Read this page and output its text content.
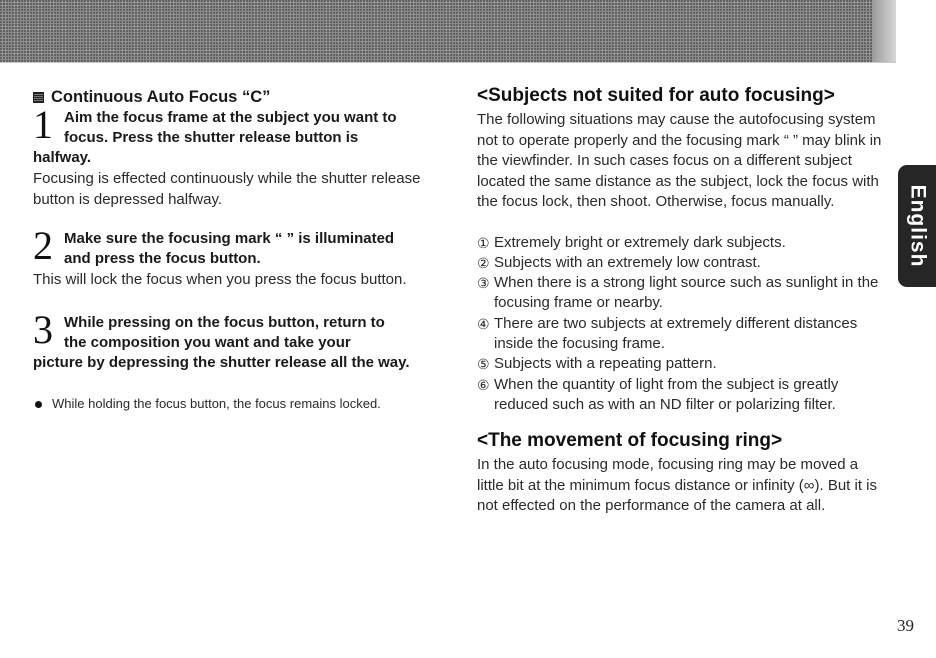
Continuous Auto Focus “C”
1 Aim the focus frame at the subject you want to
focus. Press the shutter release button is
halfway.

Focusing is effected continuously while the shutter release button is depressed halfway.

2 Make sure the focusing mark “ ” is illuminated
and press the focus button.

This will lock the focus when you press the focus button.

3 While pressing on the focus button, return to
the composition you want and take your
picture by depressing the shutter release all the way.

While holding the focus button, the focus remains locked.

<Subjects not suited for auto focusing>

The following situations may cause the autofocusing system not to operate properly and the focusing mark “ ” may blink in the viewfinder. In such cases focus on a different subject located the same distance as the subject, lock the focus with the focus lock, then shoot. Otherwise, focus manually.

① Extremely bright or extremely dark subjects.

② Subjects with an extremely low contrast.

③ When there is a strong light source such as sunlight in the focusing frame or nearby.

④ There are two subjects at extremely different distances inside the focusing frame.

⑤ Subjects with a repeating pattern.

⑥ When the quantity of light from the subject is greatly reduced such as with an ND filter or polarizing filter.

<The movement of focusing ring>

In the auto focusing mode, focusing ring may be moved a little bit at the minimum focus distance or infinity (∞). But it is not effected on the performance of the camera at all.

English
39
